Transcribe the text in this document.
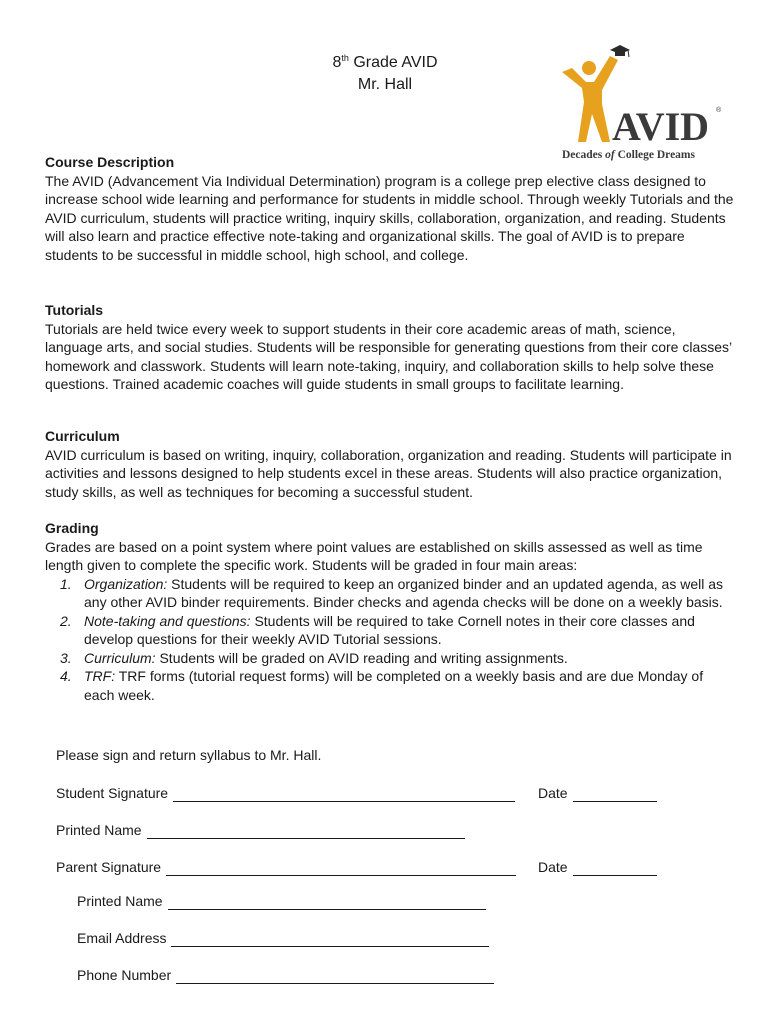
8th Grade AVID
Mr. Hall
AVID ®
Decades of College Dreams

Course Description

The AVID (Advancement Via Individual Determination) program is a college prep elective class designed to increase school wide learning and performance for students in middle school. Through weekly Tutorials and the AVID curriculum, students will practice writing, inquiry skills, collaboration, organization, and reading. Students will also learn and practice effective note-taking and organizational skills. The goal of AVID is to prepare students to be successful in middle school, high school, and college.

Tutorials

Tutorials are held twice every week to support students in their core academic areas of math, science, language arts, and social studies. Students will be responsible for generating questions from their core classes’ homework and classwork. Students will learn note-taking, inquiry, and collaboration skills to help solve these questions. Trained academic coaches will guide students in small groups to facilitate learning.

Curriculum

AVID curriculum is based on writing, inquiry, collaboration, organization and reading. Students will participate in activities and lessons designed to help students excel in these areas. Students will also practice organization, study skills, as well as techniques for becoming a successful student.

Grading

Grades are based on a point system where point values are established on skills assessed as well as time length given to complete the specific work. Students will be graded in four main areas:

1. Organization: Students will be required to keep an organized binder and an updated agenda, as well as any other AVID binder requirements. Binder checks and agenda checks will be done on a weekly basis.
2. Note-taking and questions: Students will be required to take Cornell notes in their core classes and develop questions for their weekly AVID Tutorial sessions.
3. Curriculum: Students will be graded on AVID reading and writing assignments.
4. TRF: TRF forms (tutorial request forms) will be completed on a weekly basis and are due Monday of each week.
Please sign and return syllabus to Mr. Hall.
Student Signature	Date
Printed Name
Parent Signature	Date
Printed Name
Email Address
Phone Number
